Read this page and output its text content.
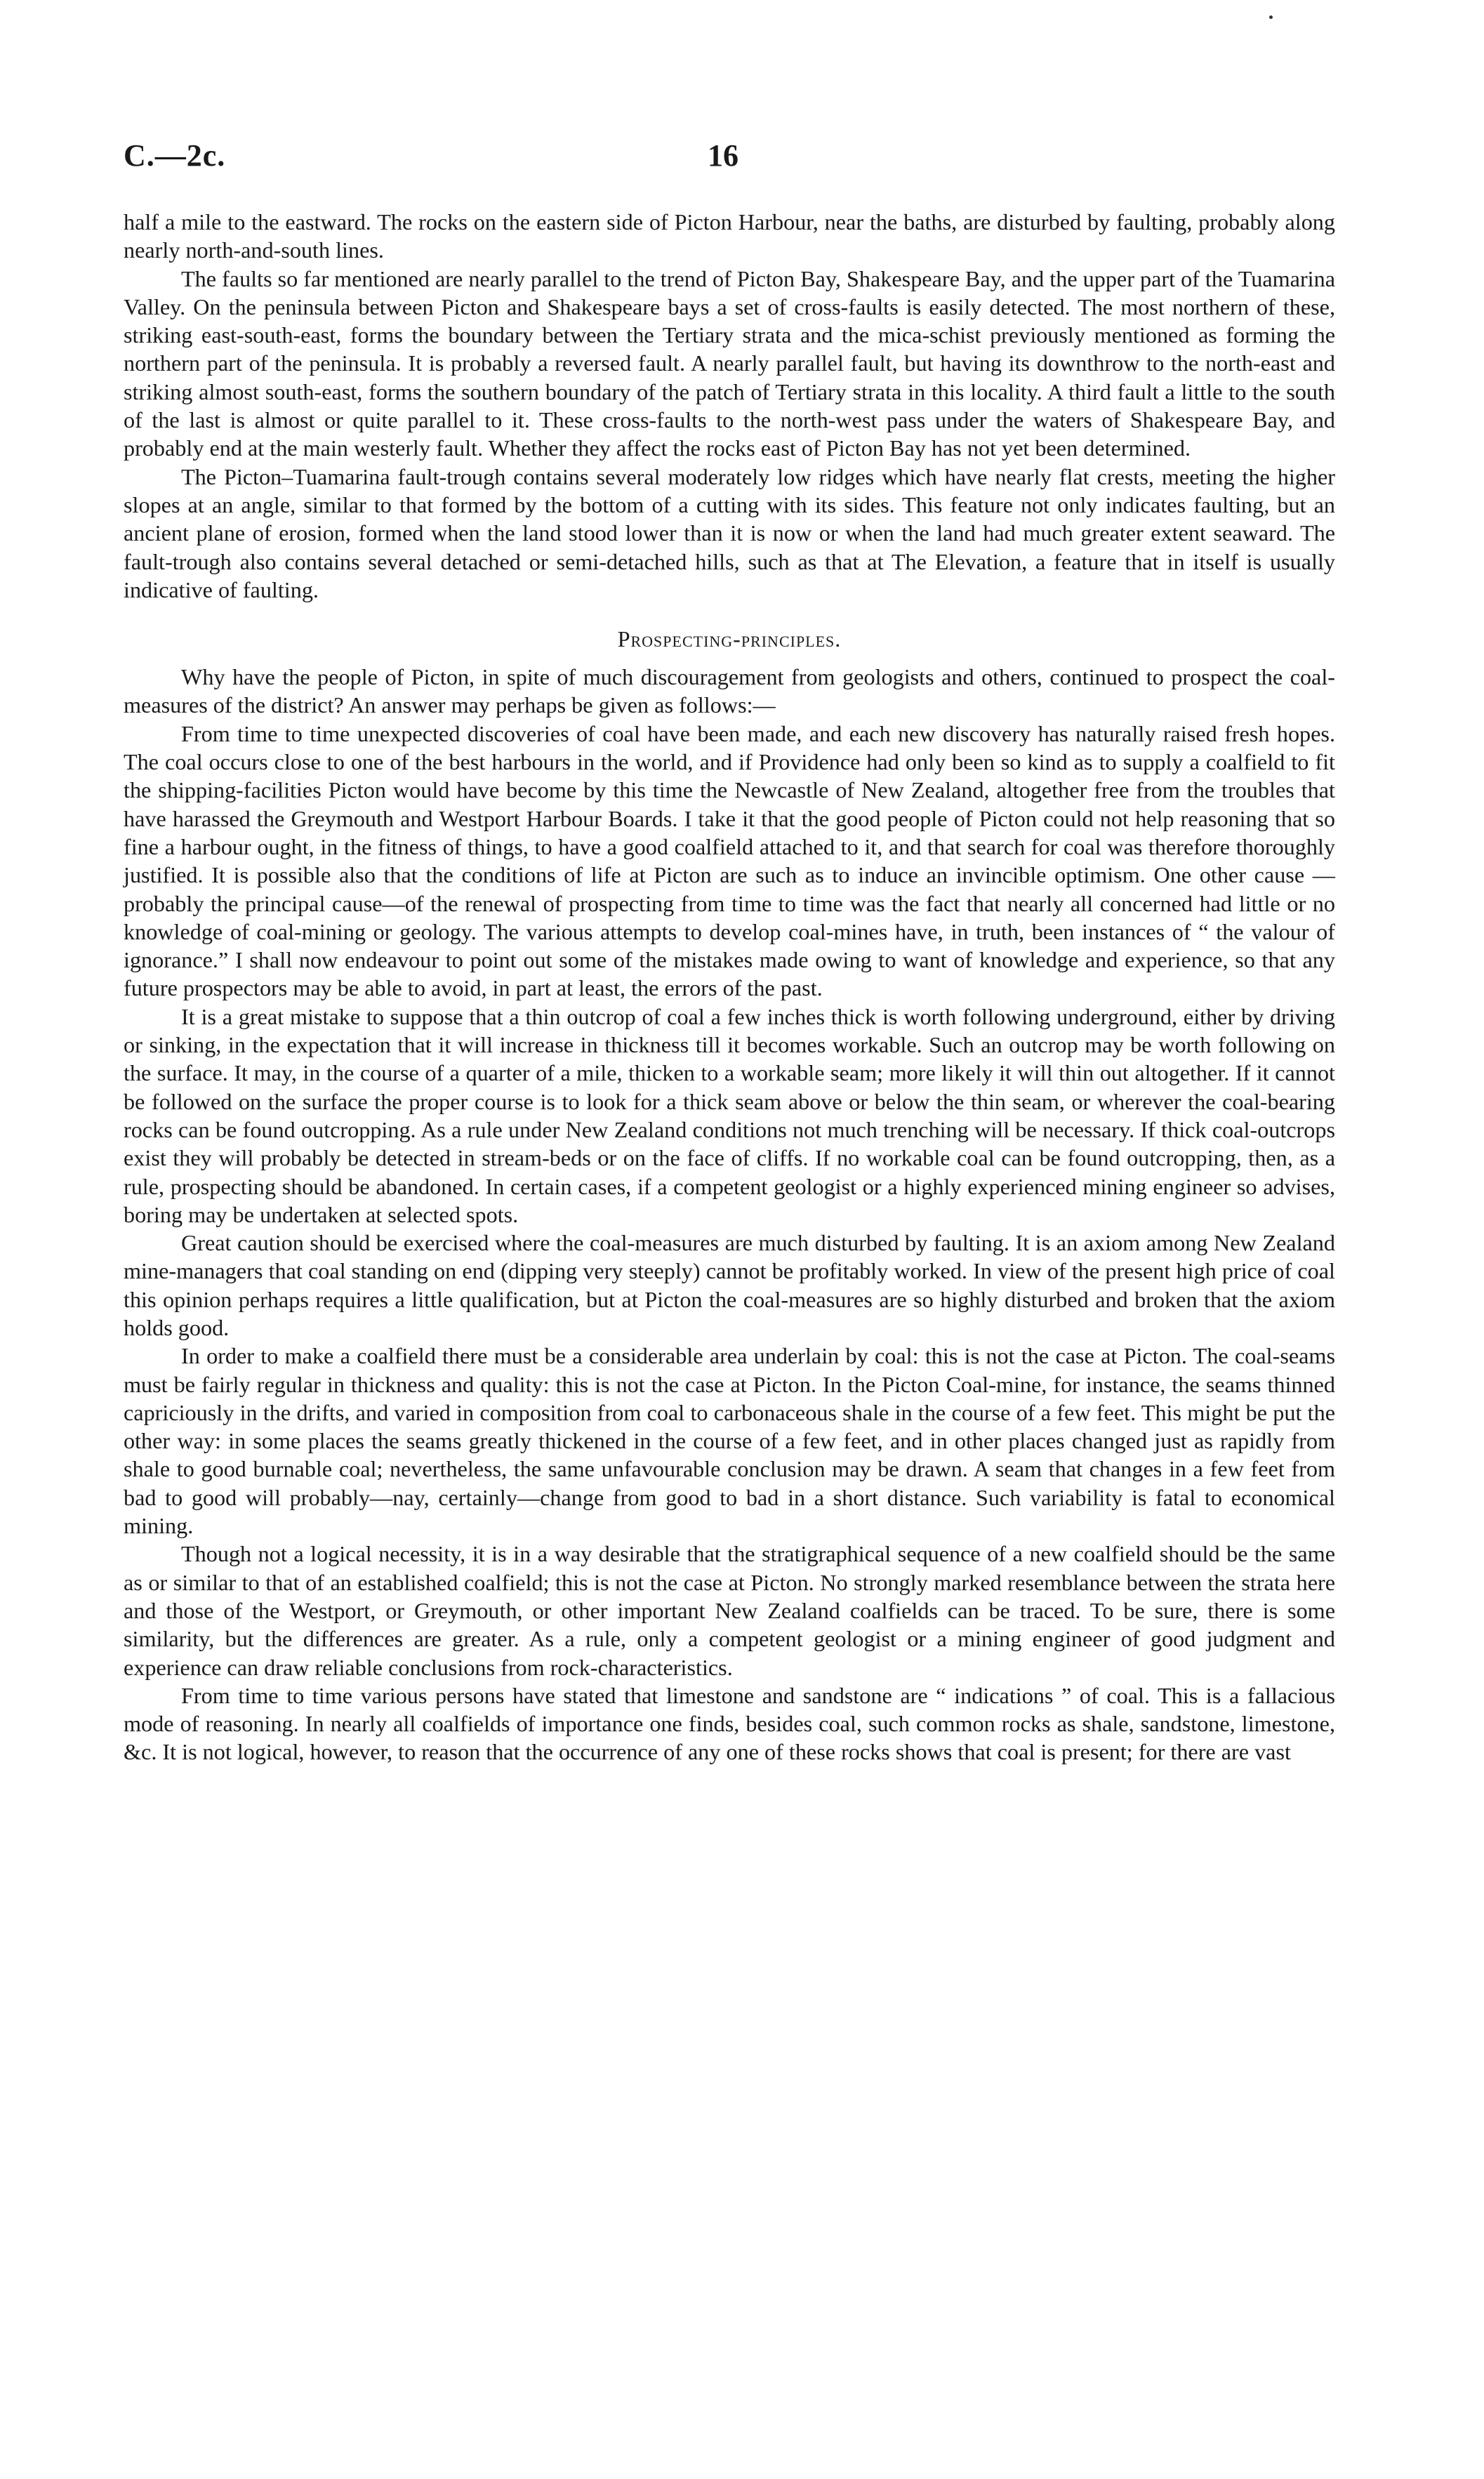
C.—2c.	16

half a mile to the eastward. The rocks on the eastern side of Picton Harbour, near the baths, are disturbed by faulting, probably along nearly north-and-south lines.

The faults so far mentioned are nearly parallel to the trend of Picton Bay, Shakespeare Bay, and the upper part of the Tuamarina Valley. On the peninsula between Picton and Shakespeare bays a set of cross-faults is easily detected. The most northern of these, striking east-south-east, forms the boundary between the Tertiary strata and the mica-schist previously mentioned as forming the northern part of the peninsula. It is probably a reversed fault. A nearly parallel fault, but having its downthrow to the north-east and striking almost south-east, forms the southern boundary of the patch of Tertiary strata in this locality. A third fault a little to the south of the last is almost or quite parallel to it. These cross-faults to the north-west pass under the waters of Shakespeare Bay, and probably end at the main westerly fault. Whether they affect the rocks east of Picton Bay has not yet been determined.

The Picton–Tuamarina fault-trough contains several moderately low ridges which have nearly flat crests, meeting the higher slopes at an angle, similar to that formed by the bottom of a cutting with its sides. This feature not only indicates faulting, but an ancient plane of erosion, formed when the land stood lower than it is now or when the land had much greater extent seaward. The fault-trough also contains several detached or semi-detached hills, such as that at The Elevation, a feature that in itself is usually indicative of faulting.

Prospecting-principles.

Why have the people of Picton, in spite of much discouragement from geologists and others, continued to prospect the coal-measures of the district? An answer may perhaps be given as follows:—

From time to time unexpected discoveries of coal have been made, and each new discovery has naturally raised fresh hopes. The coal occurs close to one of the best harbours in the world, and if Providence had only been so kind as to supply a coalfield to fit the shipping-facilities Picton would have become by this time the Newcastle of New Zealand, altogether free from the troubles that have harassed the Greymouth and Westport Harbour Boards. I take it that the good people of Picton could not help reasoning that so fine a harbour ought, in the fitness of things, to have a good coalfield attached to it, and that search for coal was therefore thoroughly justified. It is possible also that the conditions of life at Picton are such as to induce an invincible optimism. One other cause —probably the principal cause—of the renewal of prospecting from time to time was the fact that nearly all concerned had little or no knowledge of coal-mining or geology. The various attempts to develop coal-mines have, in truth, been instances of “ the valour of ignorance.” I shall now endeavour to point out some of the mistakes made owing to want of knowledge and experience, so that any future prospectors may be able to avoid, in part at least, the errors of the past.

It is a great mistake to suppose that a thin outcrop of coal a few inches thick is worth following underground, either by driving or sinking, in the expectation that it will increase in thickness till it becomes workable. Such an outcrop may be worth following on the surface. It may, in the course of a quarter of a mile, thicken to a workable seam; more likely it will thin out altogether. If it cannot be followed on the surface the proper course is to look for a thick seam above or below the thin seam, or wherever the coal-bearing rocks can be found outcropping. As a rule under New Zealand conditions not much trenching will be necessary. If thick coal-outcrops exist they will probably be detected in stream-beds or on the face of cliffs. If no workable coal can be found outcropping, then, as a rule, prospecting should be abandoned. In certain cases, if a competent geologist or a highly experienced mining engineer so advises, boring may be undertaken at selected spots.

Great caution should be exercised where the coal-measures are much disturbed by faulting. It is an axiom among New Zealand mine-managers that coal standing on end (dipping very steeply) cannot be profitably worked. In view of the present high price of coal this opinion perhaps requires a little qualification, but at Picton the coal-measures are so highly disturbed and broken that the axiom holds good.

In order to make a coalfield there must be a considerable area underlain by coal: this is not the case at Picton. The coal-seams must be fairly regular in thickness and quality: this is not the case at Picton. In the Picton Coal-mine, for instance, the seams thinned capriciously in the drifts, and varied in composition from coal to carbonaceous shale in the course of a few feet. This might be put the other way: in some places the seams greatly thickened in the course of a few feet, and in other places changed just as rapidly from shale to good burnable coal; nevertheless, the same unfavourable conclusion may be drawn. A seam that changes in a few feet from bad to good will probably—nay, certainly—change from good to bad in a short distance. Such variability is fatal to economical mining.

Though not a logical necessity, it is in a way desirable that the stratigraphical sequence of a new coalfield should be the same as or similar to that of an established coalfield; this is not the case at Picton. No strongly marked resemblance between the strata here and those of the Westport, or Greymouth, or other important New Zealand coalfields can be traced. To be sure, there is some similarity, but the differences are greater. As a rule, only a competent geologist or a mining engineer of good judgment and experience can draw reliable conclusions from rock-characteristics.

From time to time various persons have stated that limestone and sandstone are “ indications ” of coal. This is a fallacious mode of reasoning. In nearly all coalfields of importance one finds, besides coal, such common rocks as shale, sandstone, limestone, &c. It is not logical, however, to reason that the occurrence of any one of these rocks shows that coal is present; for there are vast
